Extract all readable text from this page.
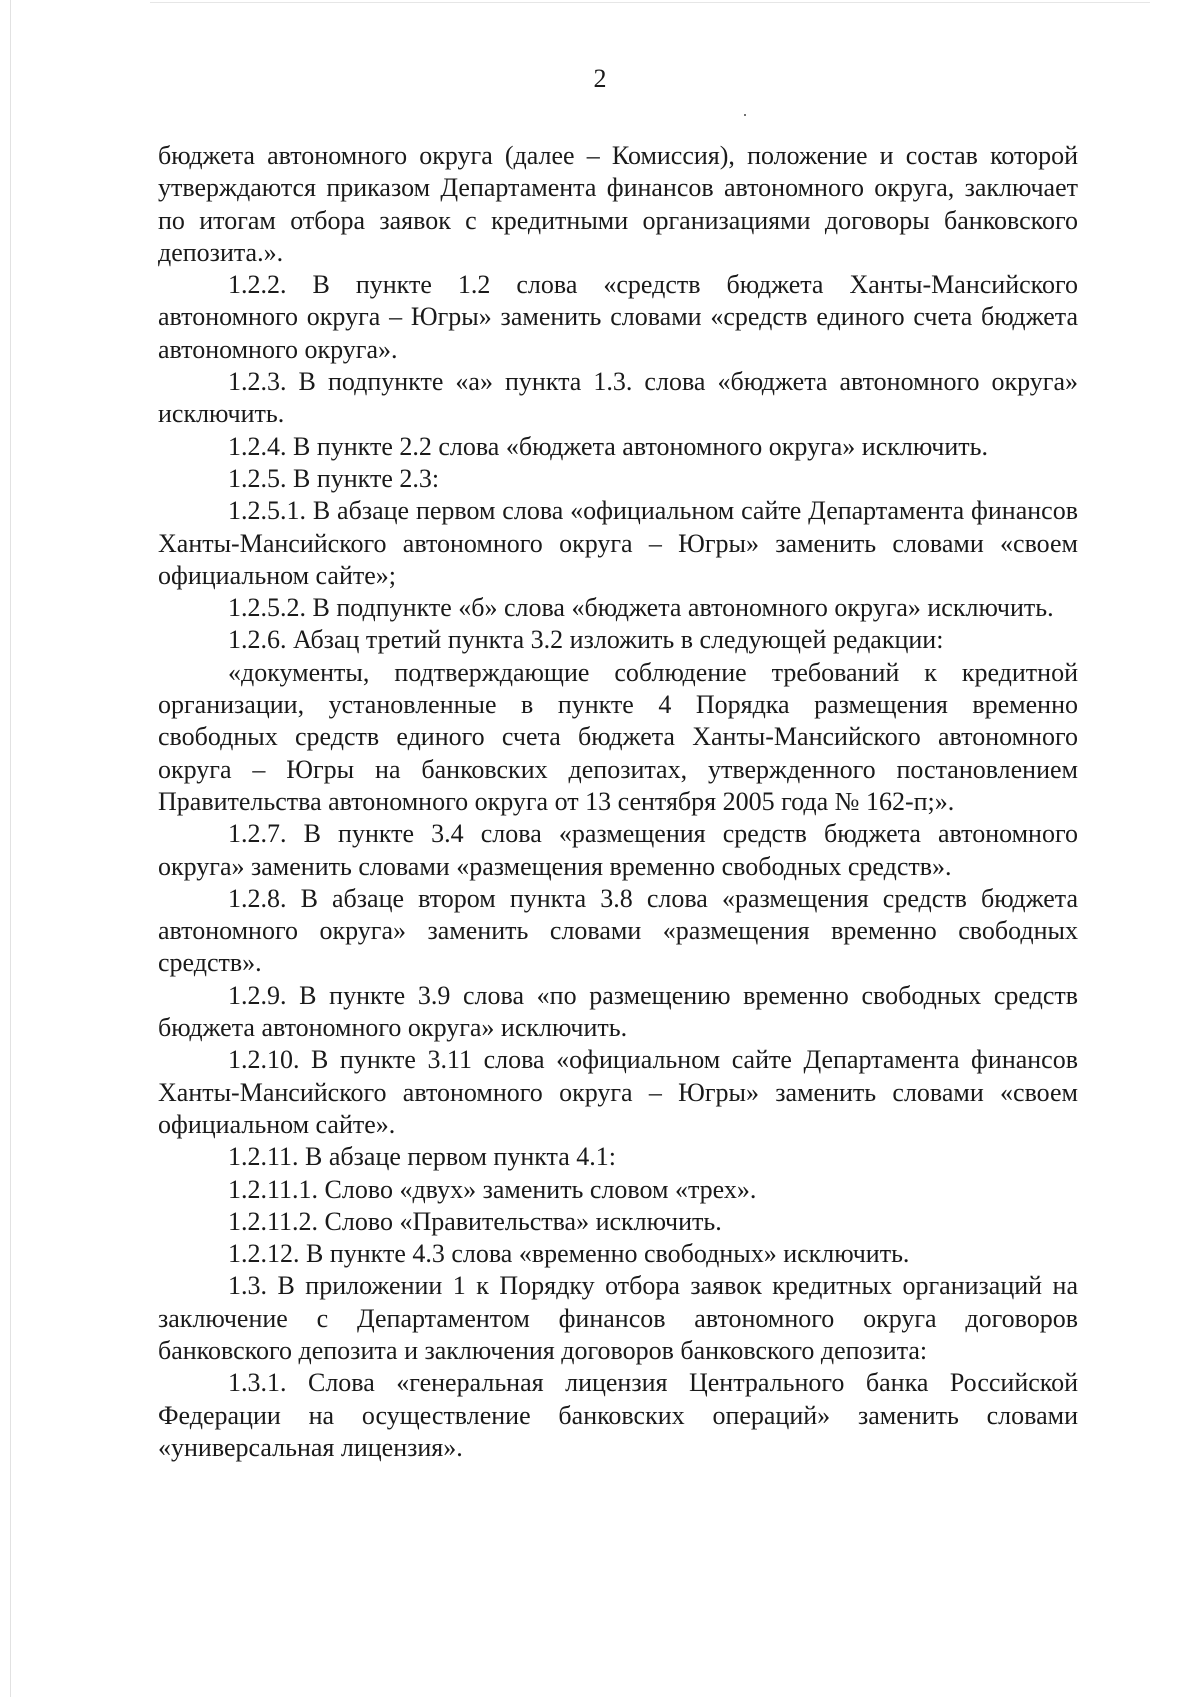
2

бюджета автономного округа (далее – Комиссия), положение и состав которой утверждаются приказом Департамента финансов автономного округа, заключает по итогам отбора заявок с кредитными организациями договоры банковского депозита.».

1.2.2. В пункте 1.2 слова «средств бюджета Ханты-Мансийского автономного округа – Югры» заменить словами «средств единого счета бюджета автономного округа».

1.2.3. В подпункте «а» пункта 1.3. слова «бюджета автономного округа» исключить.

1.2.4. В пункте 2.2 слова «бюджета автономного округа» исключить.

1.2.5. В пункте 2.3:

1.2.5.1. В абзаце первом слова «официальном сайте Департамента финансов Ханты-Мансийского автономного округа – Югры» заменить словами «своем официальном сайте»;

1.2.5.2. В подпункте «б» слова «бюджета автономного округа» исключить.

1.2.6. Абзац третий пункта 3.2 изложить в следующей редакции:

«документы, подтверждающие соблюдение требований к кредитной организации, установленные в пункте 4 Порядка размещения временно свободных средств единого счета бюджета Ханты-Мансийского автономного округа – Югры на банковских депозитах, утвержденного постановлением Правительства автономного округа от 13 сентября 2005 года № 162-п;».

1.2.7. В пункте 3.4 слова «размещения средств бюджета автономного округа» заменить словами «размещения временно свободных средств».

1.2.8. В абзаце втором пункта 3.8 слова «размещения средств бюджета автономного округа» заменить словами «размещения временно свободных средств».

1.2.9. В пункте 3.9 слова «по размещению временно свободных средств бюджета автономного округа» исключить.

1.2.10. В пункте 3.11 слова «официальном сайте Департамента финансов Ханты-Мансийского автономного округа – Югры» заменить словами «своем официальном сайте».

1.2.11. В абзаце первом пункта 4.1:

1.2.11.1. Слово «двух» заменить словом «трех».

1.2.11.2. Слово «Правительства» исключить.

1.2.12. В пункте 4.3 слова «временно свободных» исключить.

1.3. В приложении 1 к Порядку отбора заявок кредитных организаций на заключение с Департаментом финансов автономного округа договоров банковского депозита и заключения договоров банковского депозита:

1.3.1. Слова «генеральная лицензия Центрального банка Российской Федерации на осуществление банковских операций» заменить словами «универсальная лицензия».
